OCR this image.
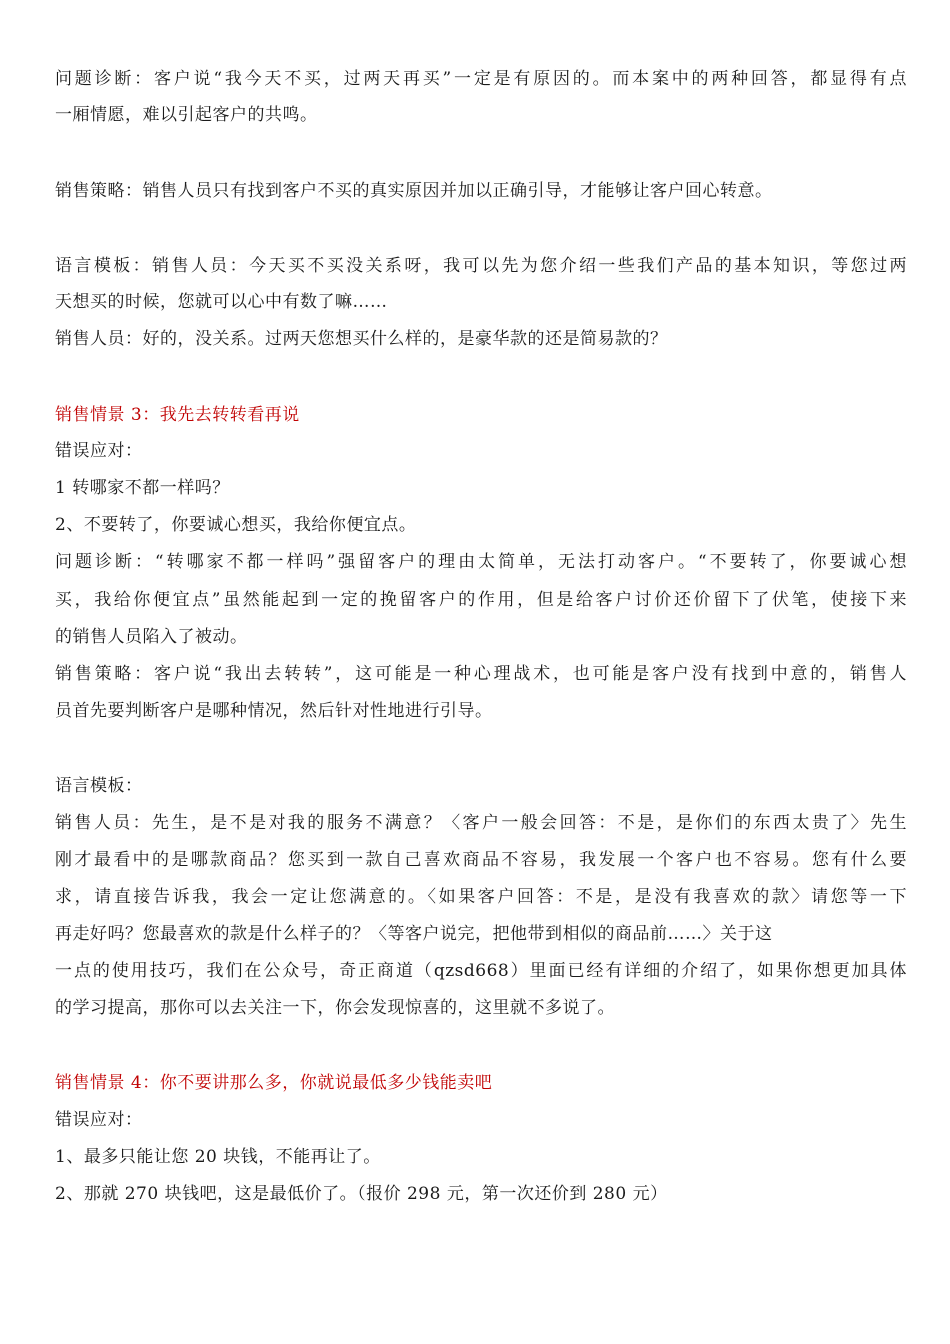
问题诊断：客户说“我今天不买，过两天再买”一定是有原因的。而本案中的两种回答，都显得有点
一厢情愿，难以引起客户的共鸣。
销售策略：销售人员只有找到客户不买的真实原因并加以正确引导，才能够让客户回心转意。
语言模板：销售人员：今天买不买没关系呀，我可以先为您介绍一些我们产品的基本知识，等您过两
天想买的时候，您就可以心中有数了嘛……
销售人员：好的，没关系。过两天您想买什么样的，是豪华款的还是简易款的？
销售情景 3：我先去转转看再说
错误应对：
1 转哪家不都一样吗？
2、不要转了，你要诚心想买，我给你便宜点。
问题诊断：“转哪家不都一样吗”强留客户的理由太简单，无法打动客户。“不要转了，你要诚心想
买，我给你便宜点”虽然能起到一定的挽留客户的作用，但是给客户讨价还价留下了伏笔，使接下来
的销售人员陷入了被动。
销售策略：客户说“我出去转转”，这可能是一种心理战术，也可能是客户没有找到中意的，销售人
员首先要判断客户是哪种情况，然后针对性地进行引导。
语言模板：
销售人员：先生，是不是对我的服务不满意？〈客户一般会回答：不是，是你们的东西太贵了〉先生
刚才最看中的是哪款商品？您买到一款自己喜欢商品不容易，我发展一个客户也不容易。您有什么要
求，请直接告诉我，我会一定让您满意的。〈如果客户回答：不是，是没有我喜欢的款〉请您等一下
再走好吗？您最喜欢的款是什么样子的？〈等客户说完，把他带到相似的商品前……〉关于这
一点的使用技巧，我们在公众号，奇正商道（qzsd668）里面已经有详细的介绍了，如果你想更加具体
的学习提高，那你可以去关注一下，你会发现惊喜的，这里就不多说了。
销售情景 4：你不要讲那么多，你就说最低多少钱能卖吧
错误应对：
1、最多只能让您 20 块钱，不能再让了。
2、那就 270 块钱吧，这是最低价了。（报价 298 元，第一次还价到 280 元）
